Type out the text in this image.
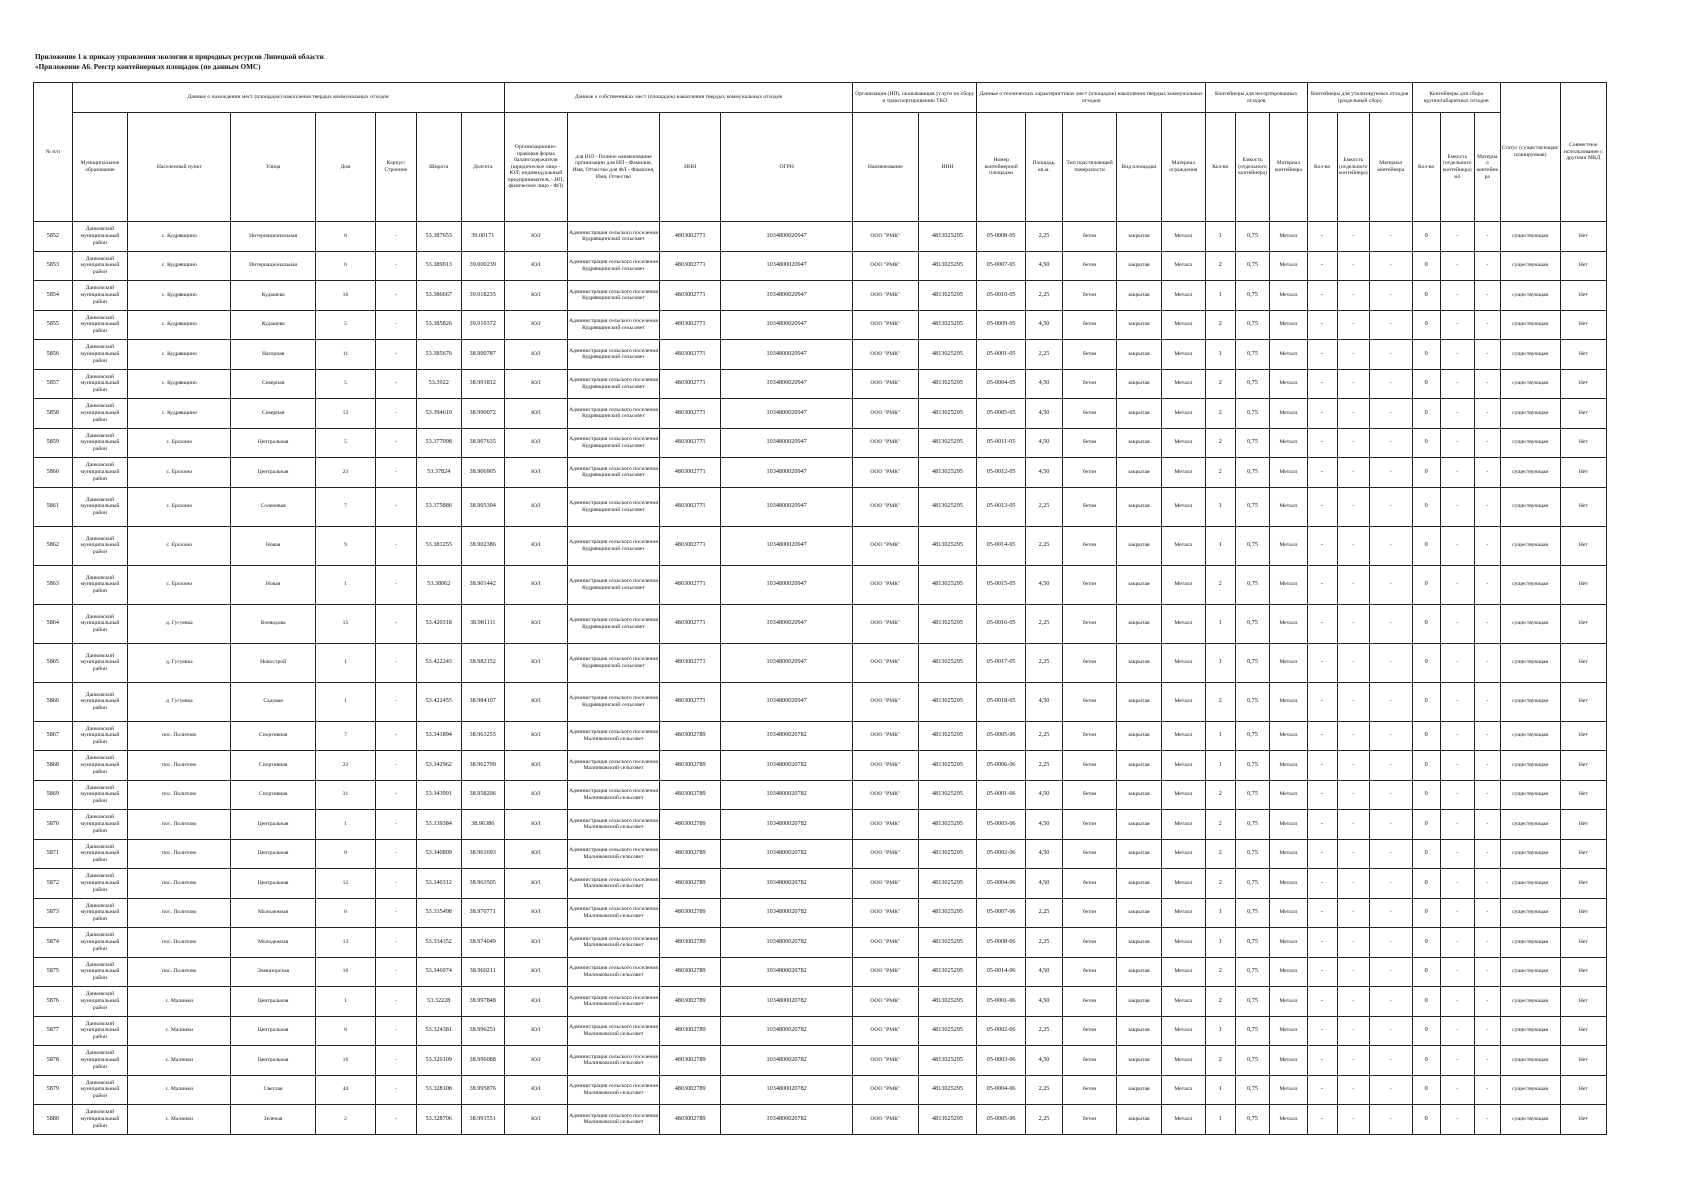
Приложение 1 к приказу управления экологии и природных ресурсов Липецкой области
«Приложение А6. Реестр контейнерных площадок (по данным ОМС)
№ п/п	Данные о нахождении мест (площадок) накопления твердых коммунальных отходов							Данные о собственниках мест (площадок) накопления твердых коммунальных отходов				Организация (ИП), оказывающая услуги по сбору и транспортированию ТКО		Данные о технических характеристиках мест (площадок) накопления твердых коммунальных отходов					Контейнеры для несортированных отходов			Контейнеры для утилизируемых отходов (раздельный сбор)			Контейнеры для сбора крупногабаритных отходов			Статус (существующая/планируемая)	Совместное использование с другими МКД
	Муниципальное образование	Населенный пункт	Улица	Дом	Корпус/Строение	Широта	Долгота	Организационно-правовая форма балансодержателя (юридическое лицо - ЮЛ; индивидуальный предприниматель - ИП; физическое лицо - ФЛ)	для ЮЛ - Полное наименование организации для ИП - Фамилия, Имя, Отчество для ФЛ - Фамилия, Имя, Отчество	ИНН	ОГРН	Наименование	ИНН	Номер контейнерной площадки	Площадь, кв.м.	Тип подстилающей поверхности	Вид площадки	Материал ограждения	Кол-во	Емкость (отдельного контейнера)	Материал контейнера	Кол-во	Емкость (отдельного контейнера)	Материал контейнера	Кол-во	Емкость (отдельного контейнера) м3	Материал контейнера		
5852	Данковский муниципальный район	с. Кудрявщино	Интернациональная	8	-	53.387653	39.00171	ЮЛ	Администрация сельского поселения Кудрявщинский сельсовет	4803002771	1034800020947	ООО "РМК"	4813025295	05-0008-05	2,25	бетон	закрытая	Металл	1	0,75	Металл	-	-	-	0	-	-	существующая	Нет
5853	Данковский муниципальный район	с. Кудрявщино	Интернациональная	6	-	53.389013	39.000239	ЮЛ	Администрация сельского поселения Кудрявщинский сельсовет	4803002771	1034800020947	ООО "РМК"	4813025295	05-0007-05	4,50	бетон	закрытая	Металл	2	0,75	Металл	-	-	-	0	-	-	существующая	Нет
5854	Данковский муниципальный район	с. Кудрявщино	Кудашева	16	-	53.386667	39.018235	ЮЛ	Администрация сельского поселения Кудрявщинский сельсовет	4803002771	1034800020947	ООО "РМК"	4813025295	05-0010-05	2,25	бетон	закрытая	Металл	1	0,75	Металл	-	-	-	0	-	-	существующая	Нет
5855	Данковский муниципальный район	с. Кудрявщино	Кудашева	5	-	53.385826	39.010372	ЮЛ	Администрация сельского поселения Кудрявщинский сельсовет	4803002771	1034800020947	ООО "РМК"	4813025295	05-0009-05	4,50	бетон	закрытая	Металл	2	0,75	Металл	-	-	-	0	-	-	существующая	Нет
5856	Данковский муниципальный район	с. Кудрявщино	Нагорная	11	-	53.385676	38.990787	ЮЛ	Администрация сельского поселения Кудрявщинский сельсовет	4803002771	1034800020947	ООО "РМК"	4813025295	05-0001-05	2,25	бетон	закрытая	Металл	1	0,75	Металл	-	-	-	0	-	-	существующая	Нет
5857	Данковский муниципальный район	с. Кудрявщино	Северная	5	-	53.3922	38.991812	ЮЛ	Администрация сельского поселения Кудрявщинский сельсовет	4803002771	1034800020947	ООО "РМК"	4813025295	05-0004-05	4,50	бетон	закрытая	Металл	2	0,75	Металл	-	-	-	0	-	-	существующая	Нет
5858	Данковский муниципальный район	с. Кудрявщино	Северная	12	-	53.394619	38.990072	ЮЛ	Администрация сельского поселения Кудрявщинский сельсовет	4803002771	1034800020947	ООО "РМК"	4813025295	05-0005-05	4,50	бетон	закрытая	Металл	2	0,75	Металл	-	-	-	0	-	-	существующая	Нет
5859	Данковский муниципальный район	с. Ерохино	Центральная	5	-	53.377098	38.907635	ЮЛ	Администрация сельского поселения Кудрявщинский сельсовет	4803002771	1034800020947	ООО "РМК"	4813025295	05-0011-05	4,50	бетон	закрытая	Металл	2	0,75	Металл	-	-	-	0	-	-	существующая	Нет
5860	Данковский муниципальный район	с. Ерохино	Центральная	23	-	53.37824	38.906905	ЮЛ	Администрация сельского поселения Кудрявщинский сельсовет	4803002771	1034800020947	ООО "РМК"	4813025295	05-0012-05	4,50	бетон	закрытая	Металл	2	0,75	Металл	-	-	-	0	-	-	существующая	Нет
5861	Данковский муниципальный район	с. Ерохино	Соленовая	7	-	53.375886	38.905304	ЮЛ	Администрация сельского поселения Кудрявщинский сельсовет	4803002771	1034800020947	ООО "РМК"	4813025295	05-0013-05	2,25	бетон	закрытая	Металл	1	0,75	Металл	-	-	-	0	-	-	существующая	Нет
5862	Данковский муниципальный район	с. Ерохино	Новая	9	-	53.381255	38.902386	ЮЛ	Администрация сельского поселения Кудрявщинский сельсовет	4803002771	1034800020947	ООО "РМК"	4813025295	05-0014-05	2,25	бетон	закрытая	Металл	1	0,75	Металл	-	-	-	0	-	-	существующая	Нет
5863	Данковский муниципальный район	с. Ерохино	Новая	1	-	53.38062	38.901442	ЮЛ	Администрация сельского поселения Кудрявщинский сельсовет	4803002771	1034800020947	ООО "РМК"	4813025295	05-0015-05	4,50	бетон	закрытая	Металл	2	0,75	Металл	-	-	-	0	-	-	существующая	Нет
5864	Данковский муниципальный район	д. Гугуевка	Воеводова	15	-	53.420318	38.981111	ЮЛ	Администрация сельского поселения Кудрявщинский сельсовет	4803002771	1034800020947	ООО "РМК"	4813025295	05-0016-05	2,25	бетон	закрытая	Металл	1	0,75	Металл	-	-	-	0	-	-	существующая	Нет
5865	Данковский муниципальный район	д. Гугуевка	Новострой	1	-	53.422243	38.982152	ЮЛ	Администрация сельского поселения Кудрявщинский сельсовет	4803002771	1034800020947	ООО "РМК"	4813025295	05-0017-05	2,25	бетон	закрытая	Металл	1	0,75	Металл	-	-	-	0	-	-	существующая	Нет
5866	Данковский муниципальный район	д. Гугуевка	Садовая	1	-	53.422455	38.984197	ЮЛ	Администрация сельского поселения Кудрявщинский сельсовет	4803002771	1034800020947	ООО "РМК"	4813025295	05-0018-05	4,50	бетон	закрытая	Металл	2	0,75	Металл	-	-	-	0	-	-	существующая	Нет
5867	Данковский муниципальный район	пос. Политово	Спортивная	7	-	53.341894	38.963255	ЮЛ	Администрация сельского поселения Малинковский сельсовет	4803002789	1034800020782	ООО "РМК"	4813025295	05-0005-06	2,25	бетон	закрытая	Металл	1	0,75	Металл	-	-	-	0	-	-	существующая	Нет
5868	Данковский муниципальный район	пос. Политово	Спортивная	22	-	53.342962	38.962799	ЮЛ	Администрация сельского поселения Малинковский сельсовет	4803002789	1034800020782	ООО "РМК"	4813025295	05-0006-06	2,25	бетон	закрытая	Металл	1	0,75	Металл	-	-	-	0	-	-	существующая	Нет
5869	Данковский муниципальный район	пос. Политово	Спортивная	31	-	53.343991	38.958206	ЮЛ	Администрация сельского поселения Малинковский сельсовет	4803002789	1034800020782	ООО "РМК"	4813025295	05-0001-06	4,50	бетон	закрытая	Металл	2	0,75	Металл	-	-	-	0	-	-	существующая	Нет
5870	Данковский муниципальный район	пос. Политово	Центральная	1	-	53.339384	38.96386	ЮЛ	Администрация сельского поселения Малинковский сельсовет	4803002789	1034800020782	ООО "РМК"	4813025295	05-0003-06	4,50	бетон	закрытая	Металл	2	0,75	Металл	-	-	-	0	-	-	существующая	Нет
5871	Данковский муниципальный район	пос. Политово	Центральная	8	-	53.340809	38.961693	ЮЛ	Администрация сельского поселения Малинковский сельсовет	4803002789	1034800020782	ООО "РМК"	4813025295	05-0002-06	4,50	бетон	закрытая	Металл	2	0,75	Металл	-	-	-	0	-	-	существующая	Нет
5872	Данковский муниципальный район	пос. Политово	Центральная	12	-	53.340312	38.963505	ЮЛ	Администрация сельского поселения Малинковский сельсовет	4803002789	1034800020782	ООО "РМК"	4813025295	05-0004-06	4,50	бетон	закрытая	Металл	2	0,75	Металл	-	-	-	0	-	-	существующая	Нет
5873	Данковский муниципальный район	пос. Политово	Молодежная	6	-	53.335498	38.970771	ЮЛ	Администрация сельского поселения Малинковский сельсовет	4803002789	1034800020782	ООО "РМК"	4813025295	05-0007-06	2,25	бетон	закрытая	Металл	1	0,75	Металл	-	-	-	0	-	-	существующая	Нет
5874	Данковский муниципальный район	пос. Политово	Молодежная	13	-	53.334352	38.974049	ЮЛ	Администрация сельского поселения Малинковский сельсовет	4803002789	1034800020782	ООО "РМК"	4813025295	05-0008-06	2,25	бетон	закрытая	Металл	1	0,75	Металл	-	-	-	0	-	-	существующая	Нет
5875	Данковский муниципальный район	пос. Политово	Элеваторская	10	-	53.346974	38.960211	ЮЛ	Администрация сельского поселения Малинковский сельсовет	4803002789	1034800020782	ООО "РМК"	4813025295	05-0014-06	4,50	бетон	закрытая	Металл	2	0,75	Металл	-	-	-	0	-	-	существующая	Нет
5876	Данковский муниципальный район	с. Малинки	Центральная	1	-	53.32228	38.997848	ЮЛ	Администрация сельского поселения Малинковский сельсовет	4803002789	1034800020782	ООО "РМК"	4813025295	05-0001-06	4,50	бетон	закрытая	Металл	2	0,75	Металл	-	-	-	0	-	-	существующая	Нет
5877	Данковский муниципальный район	с. Малинки	Центральная	8	-	53.324381	38.996251	ЮЛ	Администрация сельского поселения Малинковский сельсовет	4803002789	1034800020782	ООО "РМК"	4813025295	05-0002-06	2,25	бетон	закрытая	Металл	1	0,75	Металл	-	-	-	0	-	-	существующая	Нет
5878	Данковский муниципальный район	с. Малинки	Центральная	16	-	53.326109	38.996088	ЮЛ	Администрация сельского поселения Малинковский сельсовет	4803002789	1034800020782	ООО "РМК"	4813025295	05-0003-06	4,50	бетон	закрытая	Металл	2	0,75	Металл	-	-	-	0	-	-	существующая	Нет
5879	Данковский муниципальный район	с. Малинки	Светлая	44	-	53.328108	38.995876	ЮЛ	Администрация сельского поселения Малинковский сельсовет	4803002789	1034800020782	ООО "РМК"	4813025295	05-0004-06	2,25	бетон	закрытая	Металл	1	0,75	Металл	-	-	-	0	-	-	существующая	Нет
5880	Данковский муниципальный район	с. Малинки	Зеленая	2	-	53.328706	38.991551	ЮЛ	Администрация сельского поселения Малинковский сельсовет	4803002789	1034800020782	ООО "РМК"	4813025295	05-0005-06	2,25	бетон	закрытая	Металл	1	0,75	Металл	-	-	-	0	-	-	существующая	Нет
